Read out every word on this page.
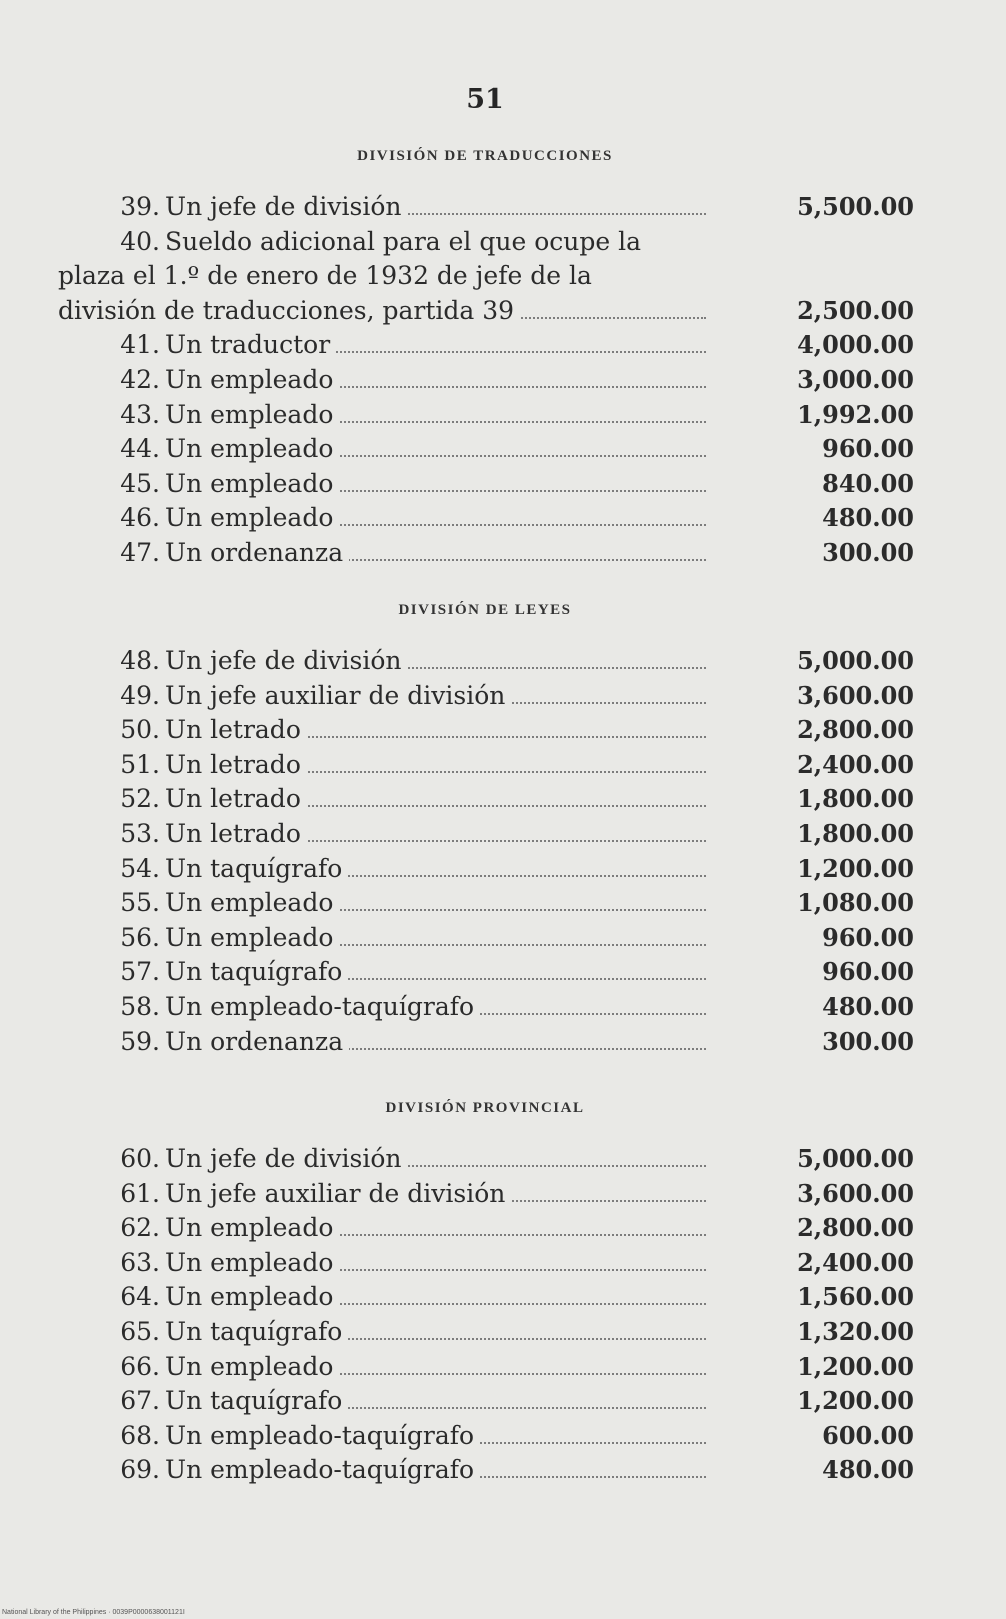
51
National Library of the Philippines · 0039P0000638001121I
DIVISIÓN DE TRADUCCIONES
39. Un jefe de división	5,500.00
40. Sueldo adicional para el que ocupe la
plaza el 1.º de enero de 1932 de jefe de la
división de traducciones, partida 39	2,500.00
41. Un traductor	4,000.00
42. Un empleado	3,000.00
43. Un empleado	1,992.00
44. Un empleado	960.00
45. Un empleado	840.00
46. Un empleado	480.00
47. Un ordenanza	300.00
DIVISIÓN DE LEYES
48. Un jefe de división	5,000.00
49. Un jefe auxiliar de división	3,600.00
50. Un letrado	2,800.00
51. Un letrado	2,400.00
52. Un letrado	1,800.00
53. Un letrado	1,800.00
54. Un taquígrafo	1,200.00
55. Un empleado	1,080.00
56. Un empleado	960.00
57. Un taquígrafo	960.00
58. Un empleado-taquígrafo	480.00
59. Un ordenanza	300.00
DIVISIÓN PROVINCIAL
60. Un jefe de división	5,000.00
61. Un jefe auxiliar de división	3,600.00
62. Un empleado	2,800.00
63. Un empleado	2,400.00
64. Un empleado	1,560.00
65. Un taquígrafo	1,320.00
66. Un empleado	1,200.00
67. Un taquígrafo	1,200.00
68. Un empleado-taquígrafo	600.00
69. Un empleado-taquígrafo	480.00
